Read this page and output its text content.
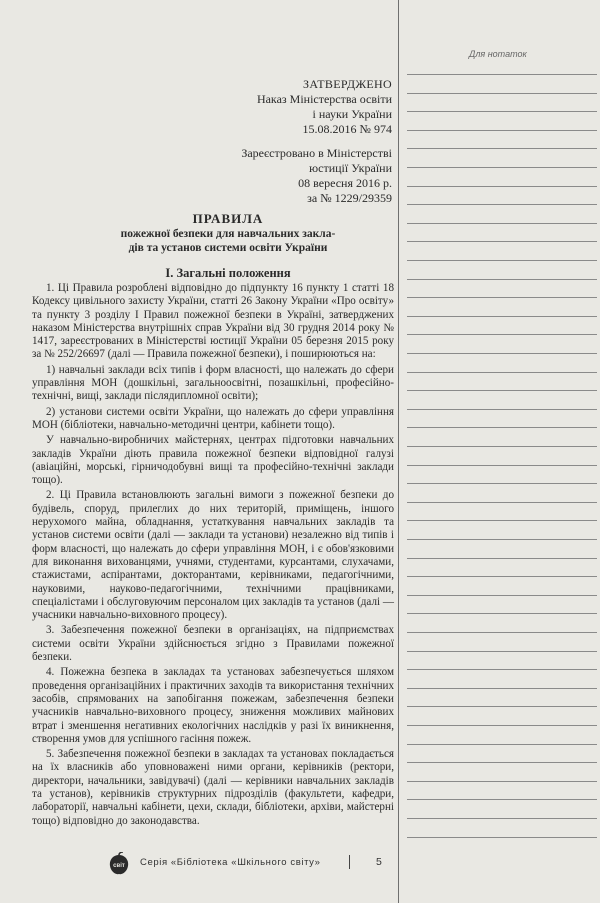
ЗАТВЕРДЖЕНО
Наказ Міністерства освіти
і науки України
15.08.2016 № 974
Зареєстровано в Міністерстві
юстиції України
08 вересня 2016 р.
за № 1229/29359
ПРАВИЛА
пожежної безпеки для навчальних закла-
дів та установ системи освіти України
I. Загальні положення

1. Ці Правила розроблені відповідно до підпункту 16 пункту 1 статті 18 Кодексу цивільного захисту України, статті 26 Закону України «Про освіту» та пункту 3 розділу I Правил пожежної безпеки в Україні, затверджених наказом Міністерства внутрішніх справ України від 30 грудня 2014 року № 1417, зареєстрованих в Міністерстві юстиції України 05 березня 2015 року за № 252/26697 (далі — Правила пожежної безпеки), і поширюються на:

1) навчальні заклади всіх типів і форм власності, що належать до сфери управління МОН (дошкільні, загальноосвітні, позашкільні, професійно-технічні, вищі, заклади післядипломної освіти);

2) установи системи освіти України, що належать до сфери управління МОН (бібліотеки, навчально-методичні центри, кабінети тощо).

У навчально-виробничих майстернях, центрах підготовки навчальних закладів України діють правила пожежної безпеки відповідної галузі (авіаційні, морські, гірничодобувні вищі та професійно-технічні заклади тощо).

2. Ці Правила встановлюють загальні вимоги з пожежної безпеки до будівель, споруд, прилеглих до них територій, приміщень, іншого нерухомого майна, обладнання, устаткування навчальних закладів та установ системи освіти (далі — заклади та установи) незалежно від типів і форм власності, що належать до сфери управління МОН, і є обов'язковими для виконання вихованцями, учнями, студентами, курсантами, слухачами, стажистами, аспірантами, докторантами, керівниками, педагогічними, науковими, науково-педагогічними, технічними працівниками, спеціалістами і обслуговуючим персоналом цих закладів та установ (далі — учасники навчально-виховного процесу).

3. Забезпечення пожежної безпеки в організаціях, на підприємствах системи освіти України здійснюється згідно з Правилами пожежної безпеки.

4. Пожежна безпека в закладах та установах забезпечується шляхом проведення організаційних і практичних заходів та використання технічних засобів, спрямованих на запобігання пожежам, забезпечення безпеки учасників навчально-виховного процесу, зниження можливих майнових втрат і зменшення негативних екологічних наслідків у разі їх виникнення, створення умов для успішного гасіння пожеж.

5. Забезпечення пожежної безпеки в закладах та установах покладається на їх власників або уповноважені ними органи, керівників (ректори, директори, начальники, завідувачі) (далі — керівники навчальних закладів та установ), керівників структурних підрозділів (факультети, кафедри, лабораторії, навчальні кабінети, цехи, склади, бібліотеки, архіви, майстерні тощо) відповідно до законодавства.

Для нотаток
світ Серія «Бібліотека «Шкільного світу»	5
